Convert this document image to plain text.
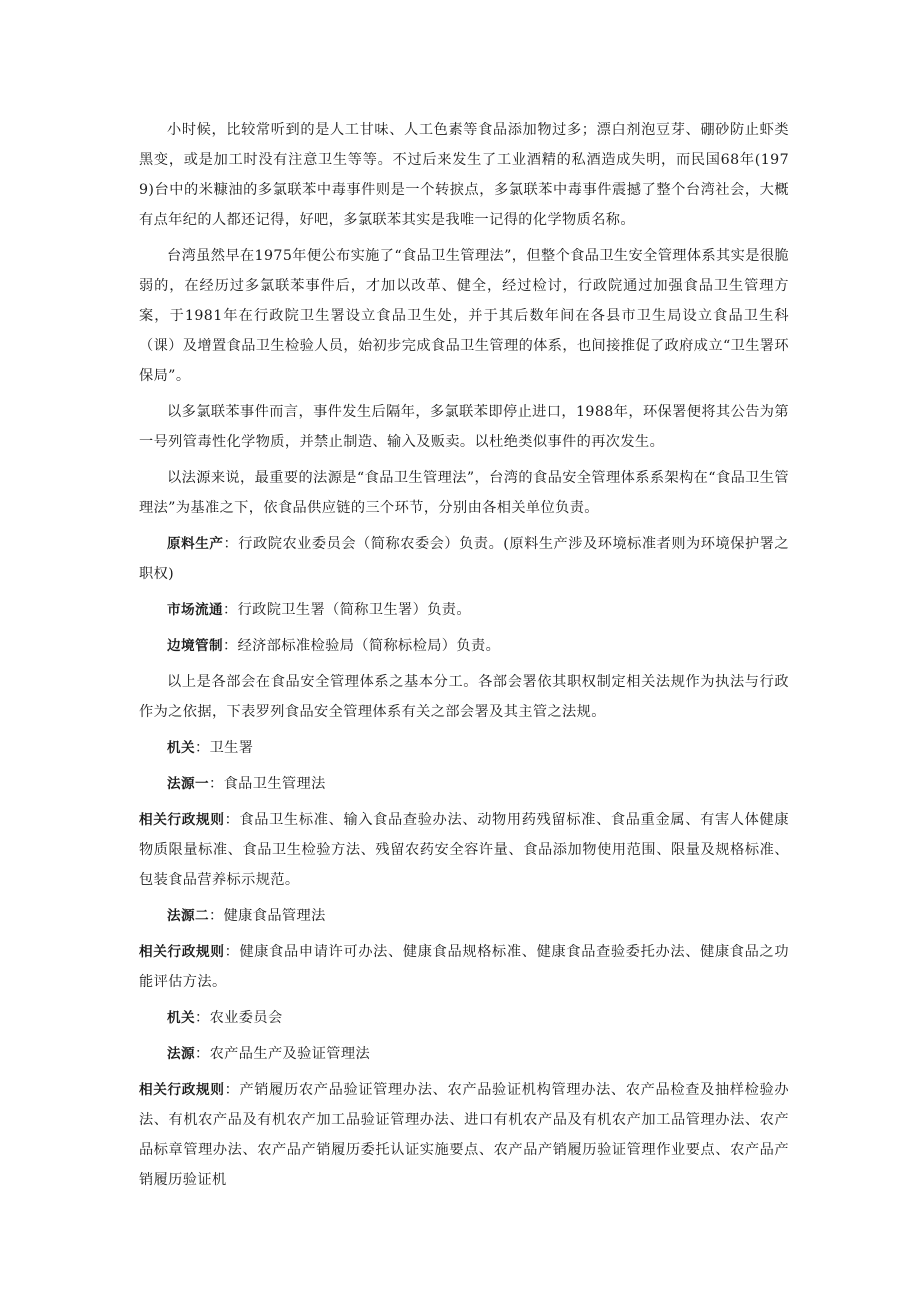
小时候，比较常听到的是人工甘味、人工色素等食品添加物过多；漂白剂泡豆芽、硼砂防止虾类黑变，或是加工时没有注意卫生等等。不过后来发生了工业酒精的私酒造成失明，而民国68年(1979)台中的米糠油的多氯联苯中毒事件则是一个转捩点，多氯联苯中毒事件震撼了整个台湾社会，大概有点年纪的人都还记得，好吧，多氯联苯其实是我唯一记得的化学物质名称。

台湾虽然早在1975年便公布实施了“食品卫生管理法”，但整个食品卫生安全管理体系其实是很脆弱的，在经历过多氯联苯事件后，才加以改革、健全，经过检讨，行政院通过加强食品卫生管理方案，于1981年在行政院卫生署设立食品卫生处，并于其后数年间在各县市卫生局设立食品卫生科（课）及增置食品卫生检验人员，始初步完成食品卫生管理的体系，也间接推促了政府成立“卫生署环保局”。

以多氯联苯事件而言，事件发生后隔年，多氯联苯即停止进口，1988年，环保署便将其公告为第一号列管毒性化学物质，并禁止制造、输入及贩卖。以杜绝类似事件的再次发生。

以法源来说，最重要的法源是“食品卫生管理法”，台湾的食品安全管理体系系架构在“食品卫生管理法”为基准之下，依食品供应链的三个环节，分别由各相关单位负责。

原料生产：行政院农业委员会（简称农委会）负责。(原料生产涉及环境标准者则为环境保护署之职权)

市场流通：行政院卫生署（简称卫生署）负责。

边境管制：经济部标准检验局（简称标检局）负责。

以上是各部会在食品安全管理体系之基本分工。各部会署依其职权制定相关法规作为执法与行政作为之依据，下表罗列食品安全管理体系有关之部会署及其主管之法规。

机关：卫生署

法源一：食品卫生管理法

相关行政规则：食品卫生标准、输入食品查验办法、动物用药残留标准、食品重金属、有害人体健康物质限量标准、食品卫生检验方法、残留农药安全容许量、食品添加物使用范围、限量及规格标准、包装食品营养标示规范。

法源二：健康食品管理法

相关行政规则：健康食品申请许可办法、健康食品规格标准、健康食品查验委托办法、健康食品之功能评估方法。

机关：农业委员会

法源：农产品生产及验证管理法

相关行政规则：产销履历农产品验证管理办法、农产品验证机构管理办法、农产品检查及抽样检验办法、有机农产品及有机农产加工品验证管理办法、进口有机农产品及有机农产加工品管理办法、农产品标章管理办法、农产品产销履历委托认证实施要点、农产品产销履历验证管理作业要点、农产品产销履历验证机
